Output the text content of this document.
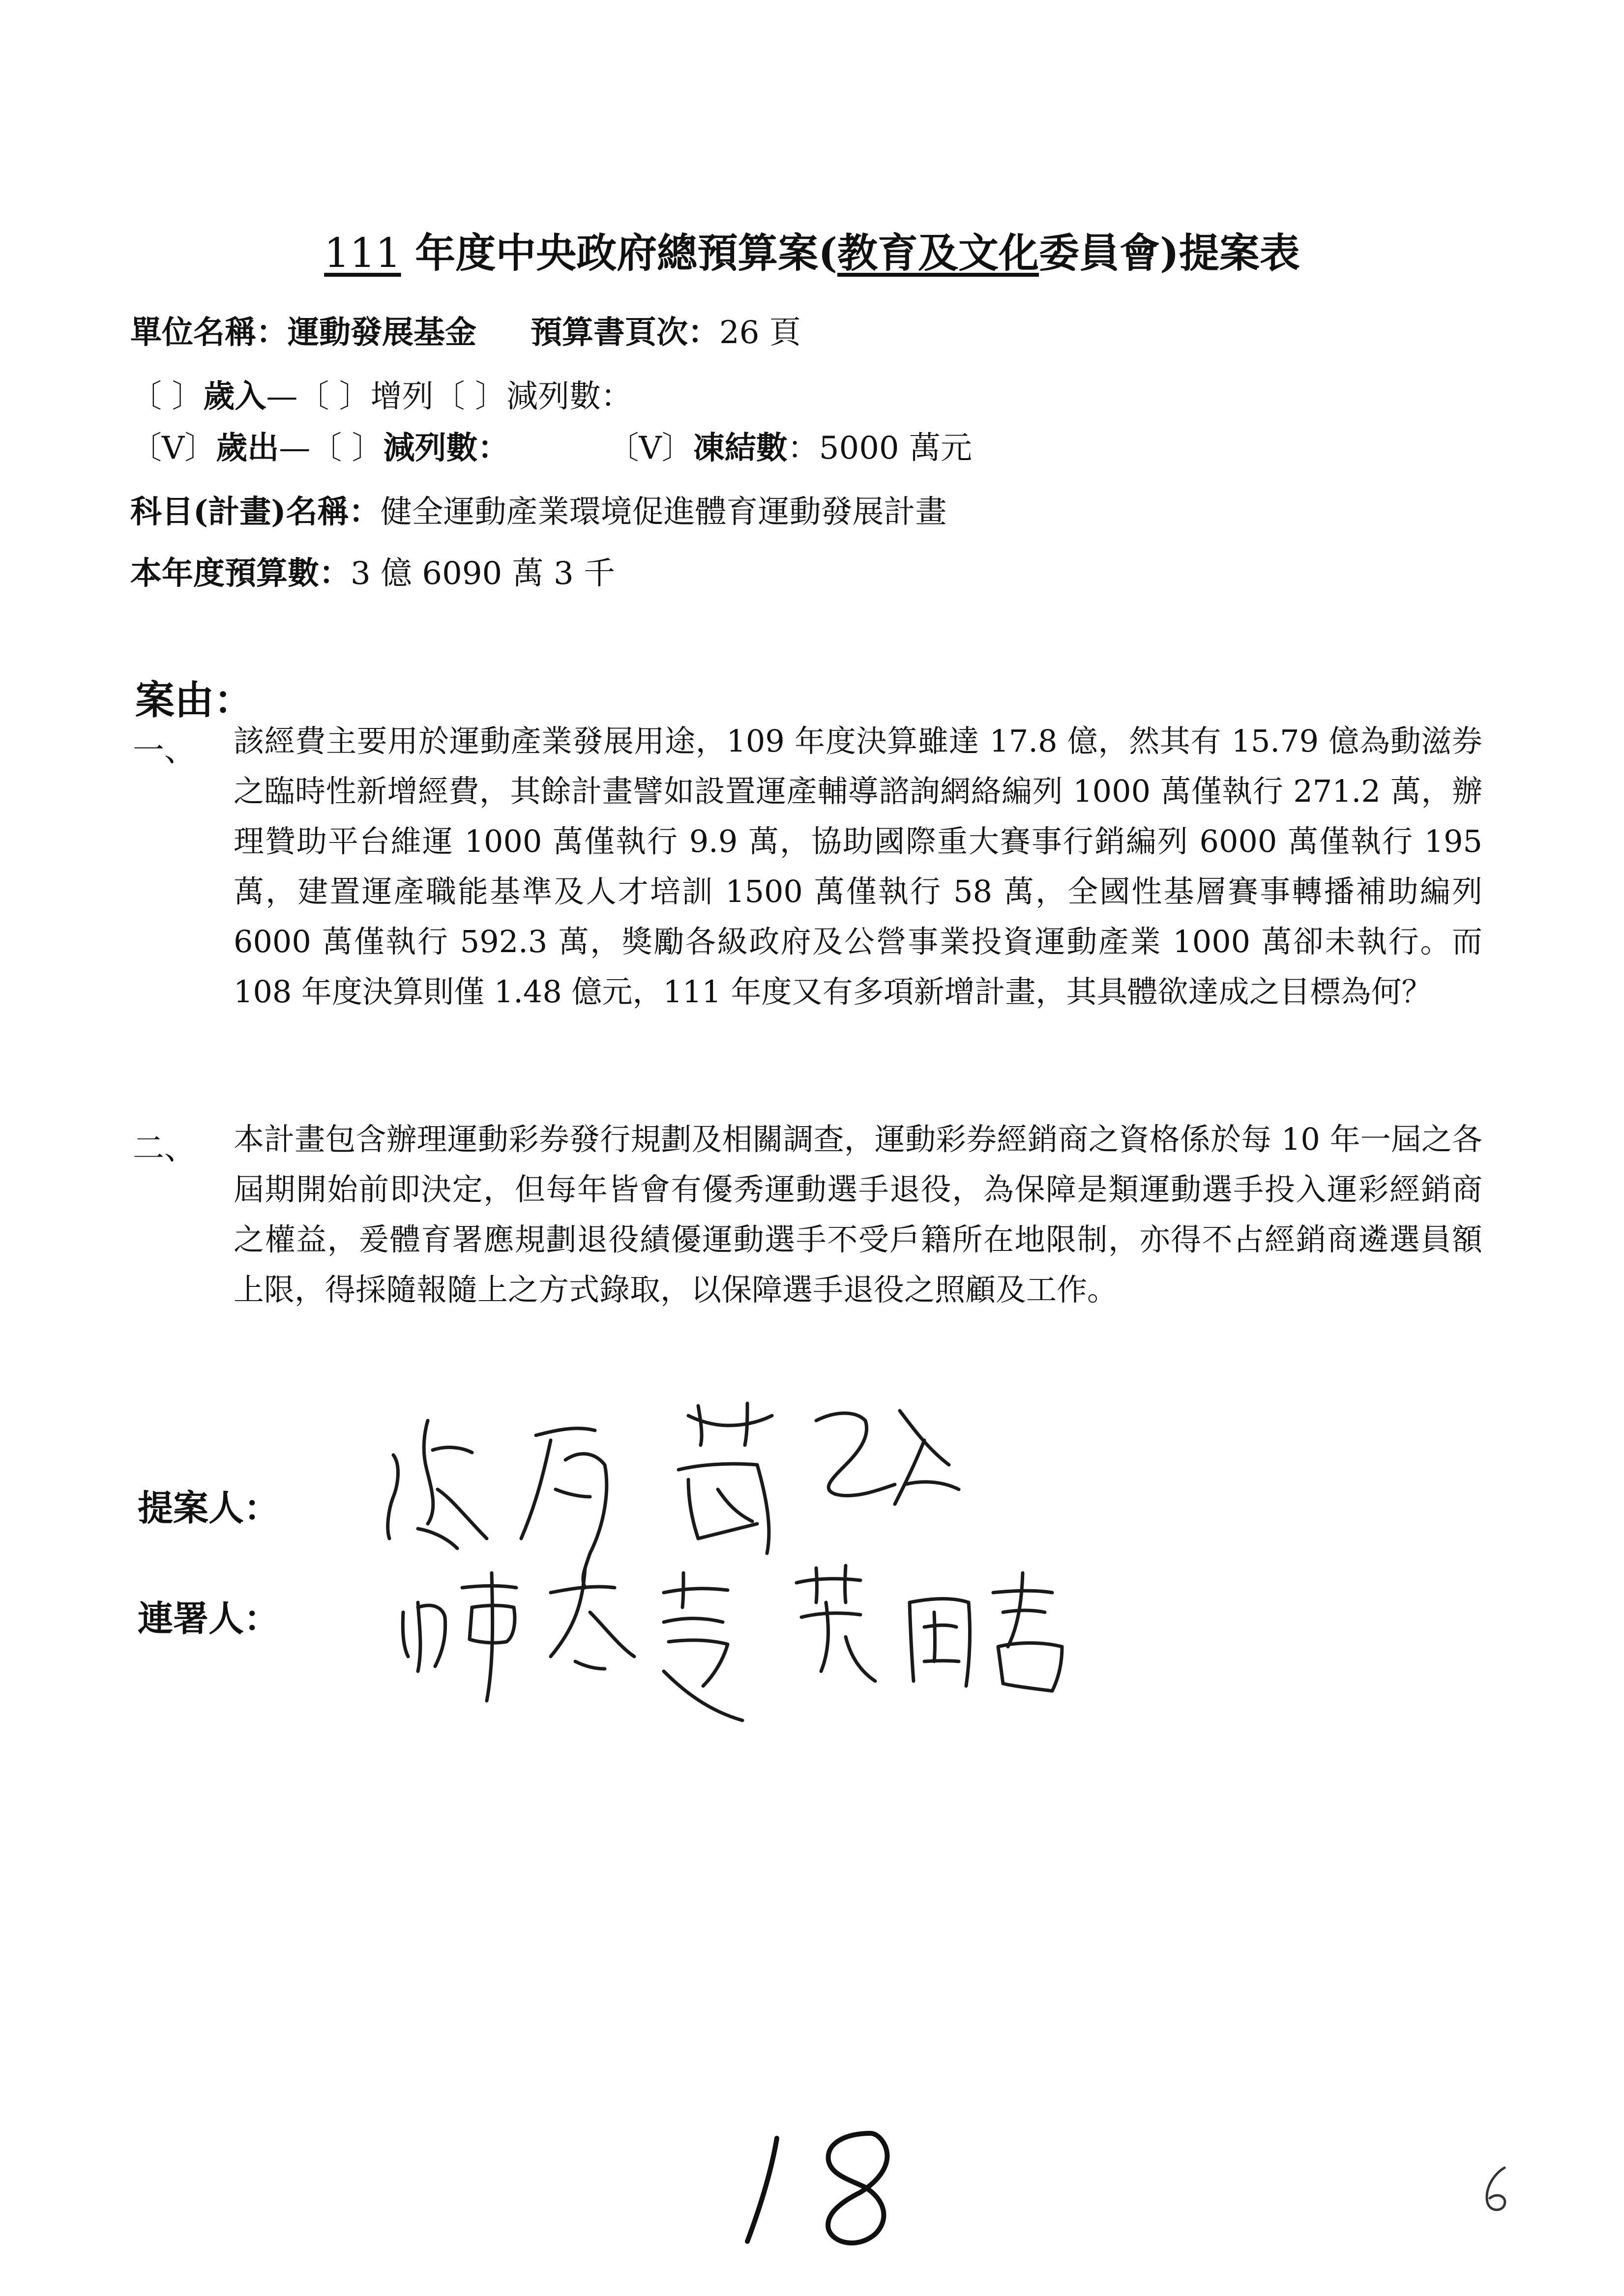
111 年度中央政府總預算案(教育及文化委員會)提案表
單位名稱：運動發展基金 預算書頁次：26 頁
〔 〕歲入—〔 〕增列〔 〕減列數：
〔V〕歲出—〔 〕減列數：	〔V〕凍結數：5000 萬元
科目(計畫)名稱：健全運動產業環境促進體育運動發展計畫
本年度預算數：3 億 6090 萬 3 千
案由：
一、 該經費主要用於運動產業發展用途，109 年度決算雖達 17.8 億，然其有 15.79 億為動滋券之臨時性新增經費，其餘計畫譬如設置運產輔導諮詢網絡編列 1000 萬僅執行 271.2 萬，辦理贊助平台維運 1000 萬僅執行 9.9 萬，協助國際重大賽事行銷編列 6000 萬僅執行 195 萬，建置運產職能基準及人才培訓 1500 萬僅執行 58 萬，全國性基層賽事轉播補助編列 6000 萬僅執行 592.3 萬，獎勵各級政府及公營事業投資運動產業 1000 萬卻未執行。而 108 年度決算則僅 1.48 億元，111 年度又有多項新增計畫，其具體欲達成之目標為何？
二、 本計畫包含辦理運動彩券發行規劃及相關調查，運動彩券經銷商之資格係於每 10 年一屆之各屆期開始前即決定，但每年皆會有優秀運動選手退役，為保障是類運動選手投入運彩經銷商之權益，爰體育署應規劃退役績優運動選手不受戶籍所在地限制，亦得不占經銷商遴選員額上限，得採隨報隨上之方式錄取，以保障選手退役之照顧及工作。
提案人：
連署人：
